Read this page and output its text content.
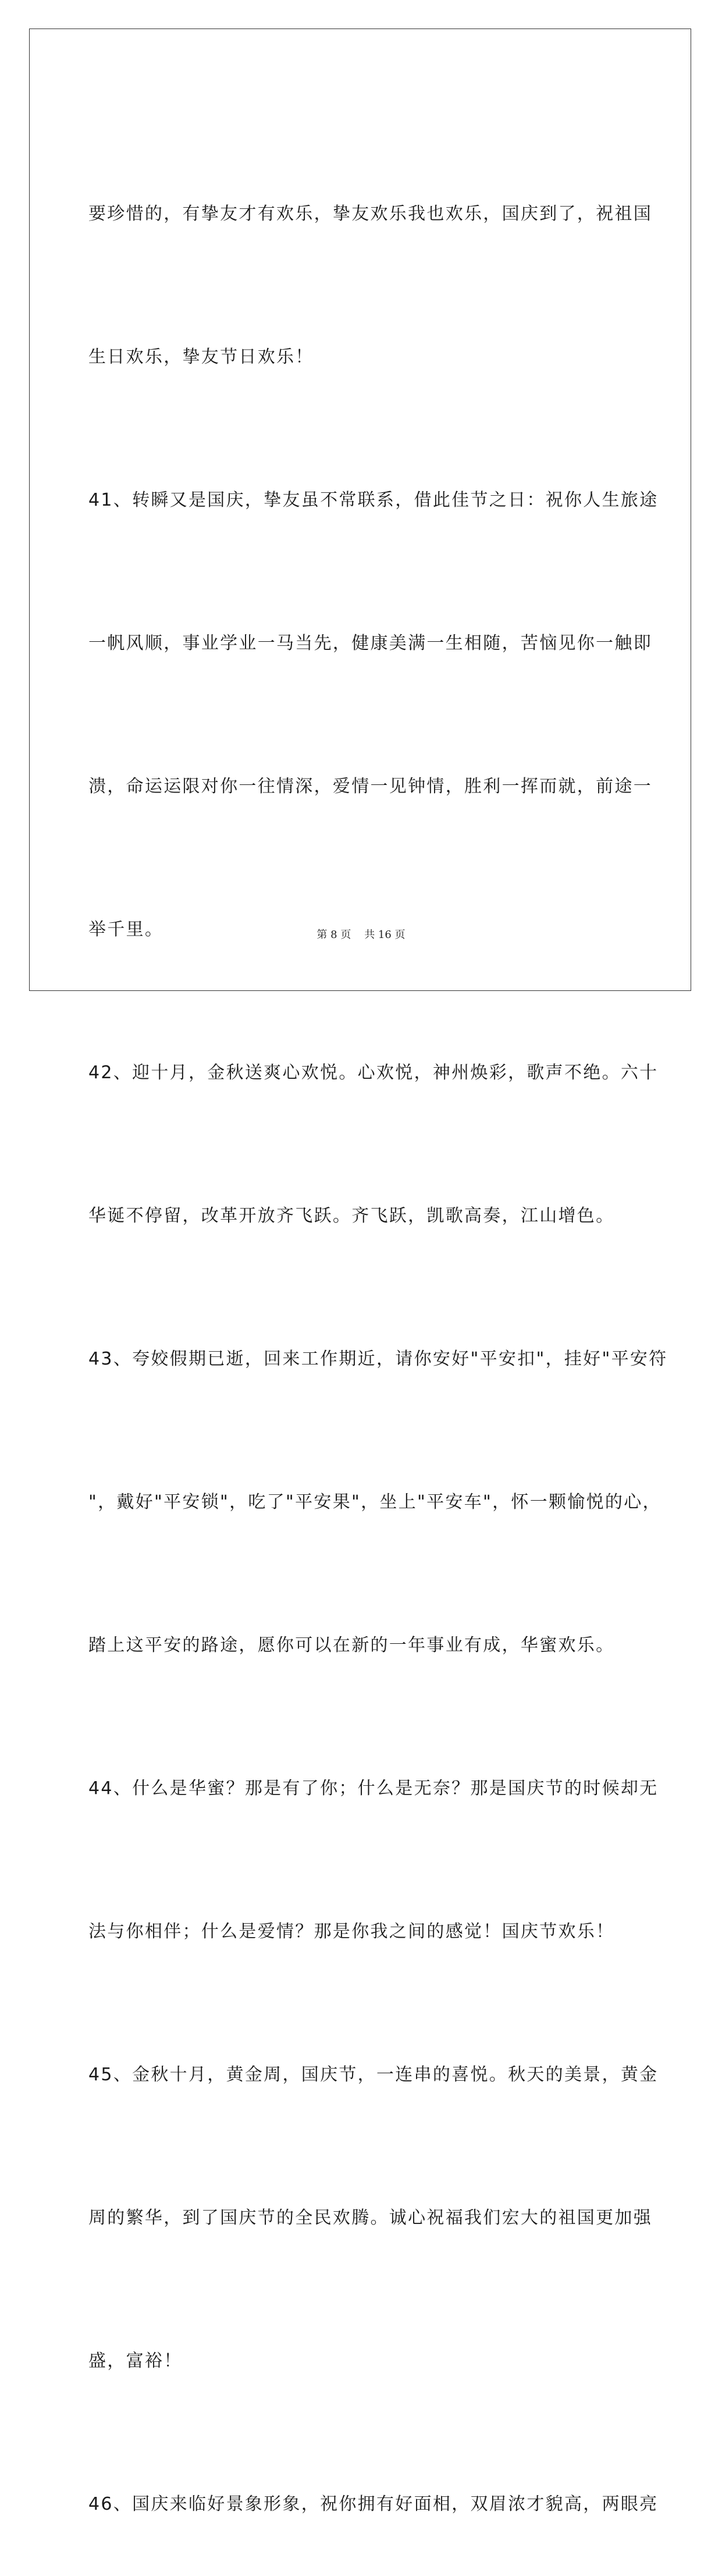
要珍惜的，有挚友才有欢乐，挚友欢乐我也欢乐，国庆到了，祝祖国

生日欢乐，挚友节日欢乐！

41、转瞬又是国庆，挚友虽不常联系，借此佳节之日：祝你人生旅途

一帆风顺，事业学业一马当先，健康美满一生相随，苦恼见你一触即

溃，命运运限对你一往情深，爱情一见钟情，胜利一挥而就，前途一

举千里。

42、迎十月，金秋送爽心欢悦。心欢悦，神州焕彩，歌声不绝。六十

华诞不停留，改革开放齐飞跃。齐飞跃，凯歌高奏，江山增色。

43、夸姣假期已逝，回来工作期近，请你安好"平安扣"，挂好"平安符

"，戴好"平安锁"，吃了"平安果"，坐上"平安车"，怀一颗愉悦的心，

踏上这平安的路途，愿你可以在新的一年事业有成，华蜜欢乐。

44、什么是华蜜？那是有了你；什么是无奈？那是国庆节的时候却无

法与你相伴；什么是爱情？那是你我之间的感觉！国庆节欢乐！

45、金秋十月，黄金周，国庆节，一连串的喜悦。秋天的美景，黄金

周的繁华，到了国庆节的全民欢腾。诚心祝福我们宏大的祖国更加强

盛，富裕！

46、国庆来临好景象形象，祝你拥有好面相，双眉浓才貌高，两眼亮

第 8 页    共 16 页
